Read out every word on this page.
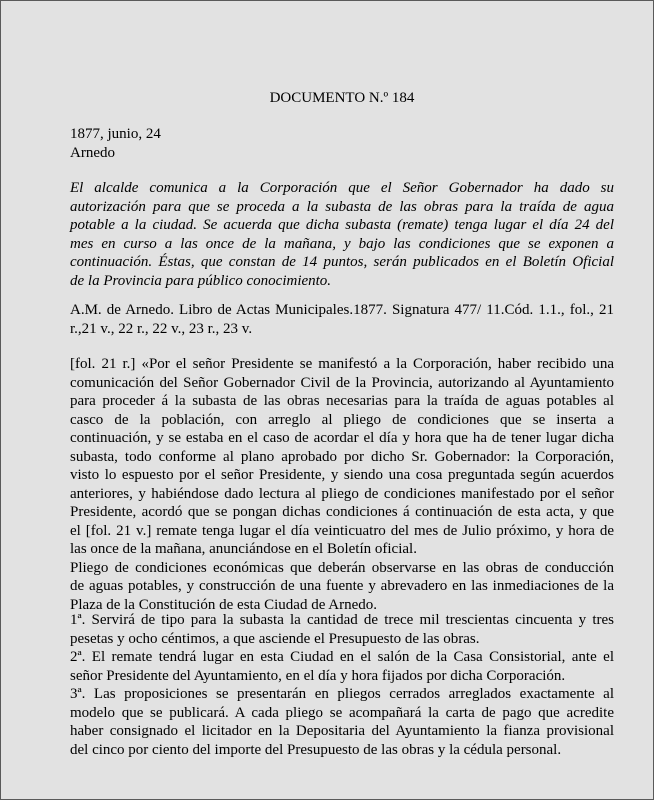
DOCUMENTO N.º 184
1877, junio, 24
Arnedo
El alcalde comunica a la Corporación que el Señor Gobernador ha dado su
autorización para que se proceda a la subasta de las obras para la traída de agua
potable a la ciudad. Se acuerda que dicha subasta (remate) tenga lugar el día 24 del
mes en curso a las once de la mañana, y bajo las condiciones que se exponen a
continuación. Éstas, que constan de 14 puntos, serán publicados en el Boletín Oficial
de la Provincia para público conocimiento.
A.M. de Arnedo. Libro de Actas Municipales.1877. Signatura 477/ 11.Cód. 1.1., fol., 21
r.,21 v., 22 r., 22 v., 23 r., 23 v.
[fol. 21 r.] «Por el señor Presidente se manifestó a la Corporación, haber recibido una
comunicación del Señor Gobernador Civil de la Provincia, autorizando al Ayuntamiento
para proceder á la subasta de las obras necesarias para la traída de aguas potables al
casco de la población, con arreglo al pliego de condiciones que se inserta a
continuación, y se estaba en el caso de acordar el día y hora que ha de tener lugar dicha
subasta, todo conforme al plano aprobado por dicho Sr. Gobernador: la Corporación,
visto lo espuesto por el señor Presidente, y siendo una cosa preguntada según acuerdos
anteriores, y habiéndose dado lectura al pliego de condiciones manifestado por el señor
Presidente, acordó que se pongan dichas condiciones á continuación de esta acta, y que
el [fol. 21 v.] remate tenga lugar el día veinticuatro del mes de Julio próximo, y hora de
las once de la mañana, anunciándose en el Boletín oficial.
Pliego de condiciones económicas que deberán observarse en las obras de conducción
de aguas potables, y construcción de una fuente y abrevadero en las inmediaciones de la
Plaza de la Constitución de esta Ciudad de Arnedo.
1ª. Servirá de tipo para la subasta la cantidad de trece mil trescientas cincuenta y tres
pesetas y ocho céntimos, a que asciende el Presupuesto de las obras.
2ª. El remate tendrá lugar en esta Ciudad en el salón de la Casa Consistorial, ante el
señor Presidente del Ayuntamiento, en el día y hora fijados por dicha Corporación.
3ª. Las proposiciones se presentarán en pliegos cerrados arreglados exactamente al
modelo que se publicará. A cada pliego se acompañará la carta de pago que acredite
haber consignado el licitador en la Depositaria del Ayuntamiento la fianza provisional
del cinco por ciento del importe del Presupuesto de las obras y la cédula personal.
